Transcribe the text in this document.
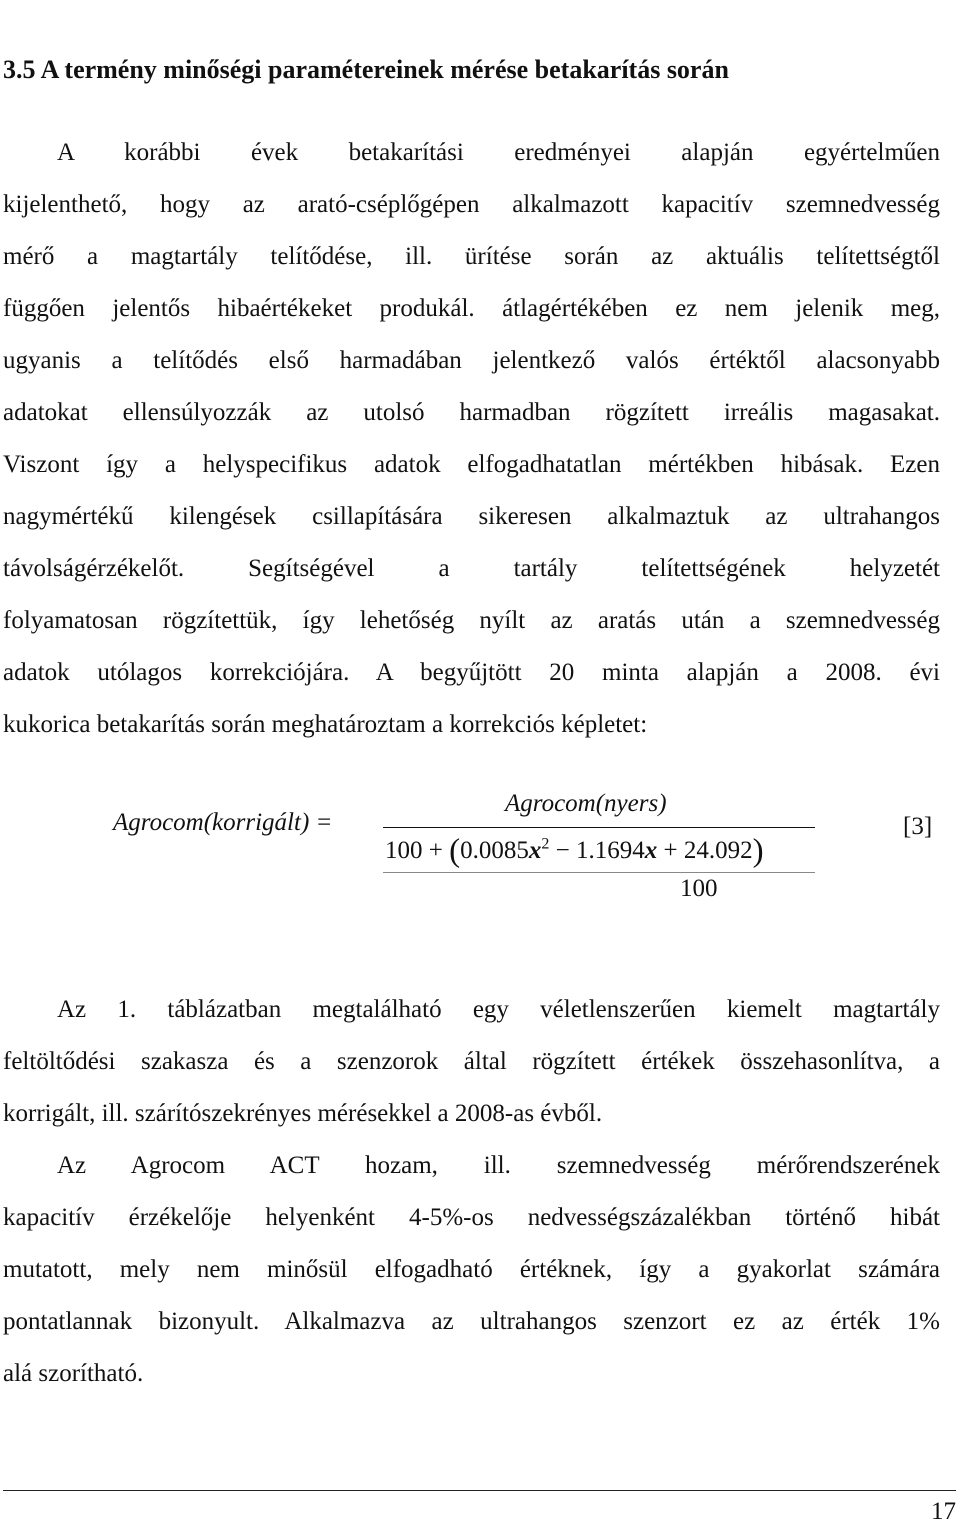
3.5 A termény minőségi paramétereinek mérése betakarítás során
A korábbi évek betakarítási eredményei alapján egyértelműen
kijelenthető, hogy az arató-cséplőgépen alkalmazott kapacitív szemnedvesség
mérő a magtartály telítődése, ill. ürítése során az aktuális telítettségtől
függően jelentős hibaértékeket produkál. átlagértékében ez nem jelenik meg,
ugyanis a telítődés első harmadában jelentkező valós értéktől alacsonyabb
adatokat ellensúlyozzák az utolsó harmadban rögzített irreális magasakat.
Viszont így a helyspecifikus adatok elfogadhatatlan mértékben hibásak. Ezen
nagymértékű kilengések csillapítására sikeresen alkalmaztuk az ultrahangos
távolságérzékelőt. Segítségével a tartály telítettségének helyzetét
folyamatosan rögzítettük, így lehetőség nyílt az aratás után a szemnedvesség
adatok utólagos korrekciójára. A begyűjtött 20 minta alapján a 2008. évi
kukorica betakarítás során meghatároztam a korrekciós képletet:
Agrocom(korrigált) =
Agrocom(nyers)
$100 + (0.0085x^2 - 1.1694x + 24.092)$
100
[3]
Az 1. táblázatban megtalálható egy véletlenszerűen kiemelt magtartály
feltöltődési szakasza és a szenzorok által rögzített értékek összehasonlítva, a
korrigált, ill. szárítószekrényes mérésekkel a 2008-as évből.
Az Agrocom ACT hozam, ill. szemnedvesség mérőrendszerének
kapacitív érzékelője helyenként 4-5%-os nedvességszázalékban történő hibát
mutatott, mely nem minősül elfogadható értéknek, így a gyakorlat számára
pontatlannak bizonyult. Alkalmazva az ultrahangos szenzort ez az érték 1%
alá szorítható.
17
